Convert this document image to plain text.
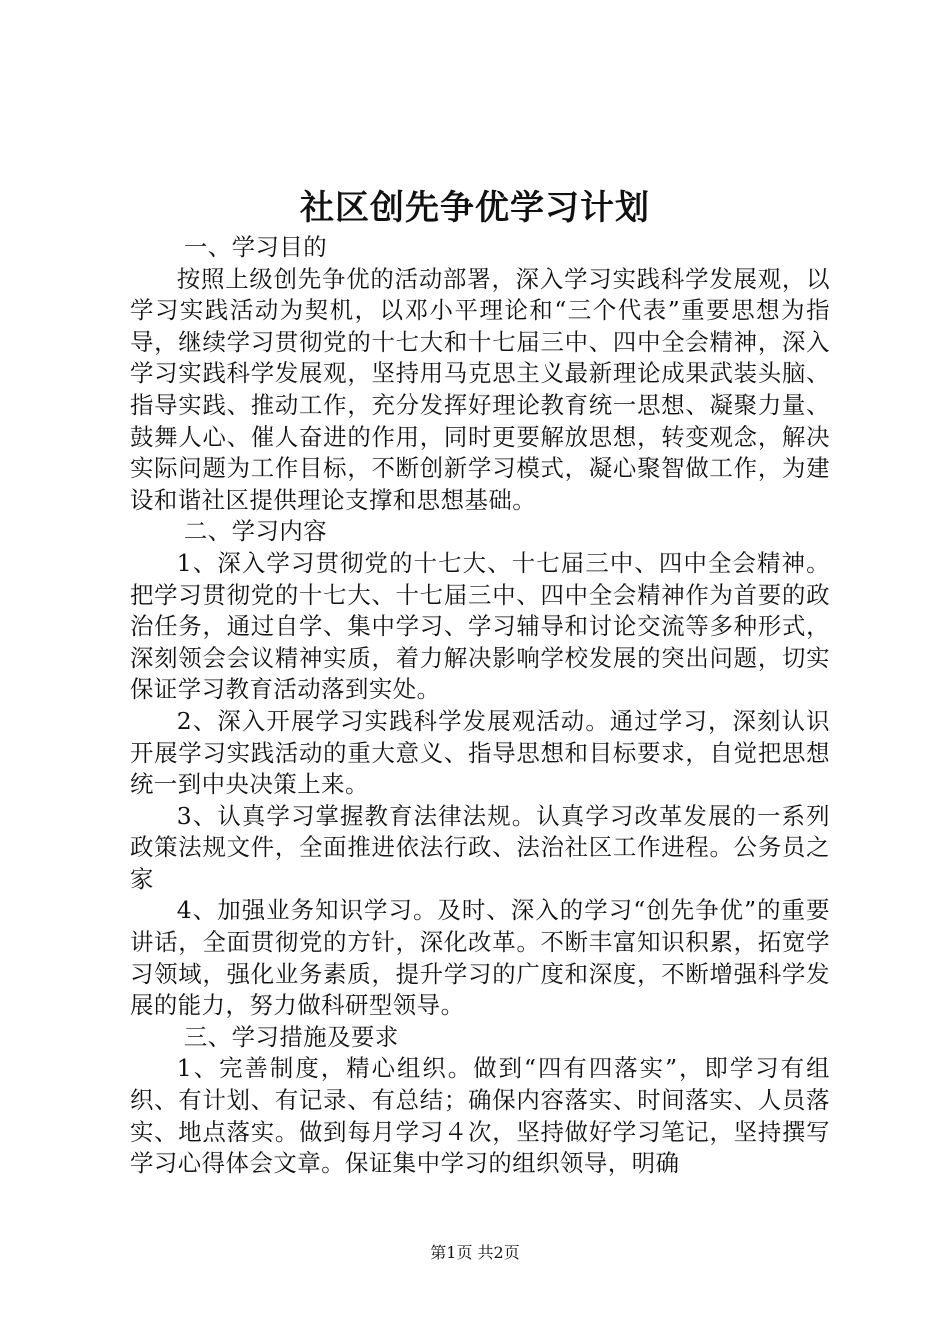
社区创先争优学习计划

一、学习目的

按照上级创先争优的活动部署，深入学习实践科学发展观，以学习实践活动为契机，以邓小平理论和“三个代表”重要思想为指导，继续学习贯彻党的十七大和十七届三中、四中全会精神，深入学习实践科学发展观，坚持用马克思主义最新理论成果武装头脑、指导实践、推动工作，充分发挥好理论教育统一思想、凝聚力量、鼓舞人心、催人奋进的作用，同时更要解放思想，转变观念，解决实际问题为工作目标，不断创新学习模式，凝心聚智做工作，为建设和谐社区提供理论支撑和思想基础。

二、学习内容

1、深入学习贯彻党的十七大、十七届三中、四中全会精神。把学习贯彻党的十七大、十七届三中、四中全会精神作为首要的政治任务，通过自学、集中学习、学习辅导和讨论交流等多种形式，深刻领会会议精神实质，着力解决影响学校发展的突出问题，切实保证学习教育活动落到实处。

2、深入开展学习实践科学发展观活动。通过学习，深刻认识开展学习实践活动的重大意义、指导思想和目标要求，自觉把思想统一到中央决策上来。

3、认真学习掌握教育法律法规。认真学习改革发展的一系列政策法规文件，全面推进依法行政、法治社区工作进程。公务员之家

4、加强业务知识学习。及时、深入的学习“创先争优”的重要讲话，全面贯彻党的方针，深化改革。不断丰富知识积累，拓宽学习领域，强化业务素质，提升学习的广度和深度，不断增强科学发展的能力，努力做科研型领导。

三、学习措施及要求

1、完善制度，精心组织。做到“四有四落实”，即学习有组织、有计划、有记录、有总结；确保内容落实、时间落实、人员落实、地点落实。做到每月学习４次，坚持做好学习笔记，坚持撰写学习心得体会文章。保证集中学习的组织领导，明确

第1页 共2页
